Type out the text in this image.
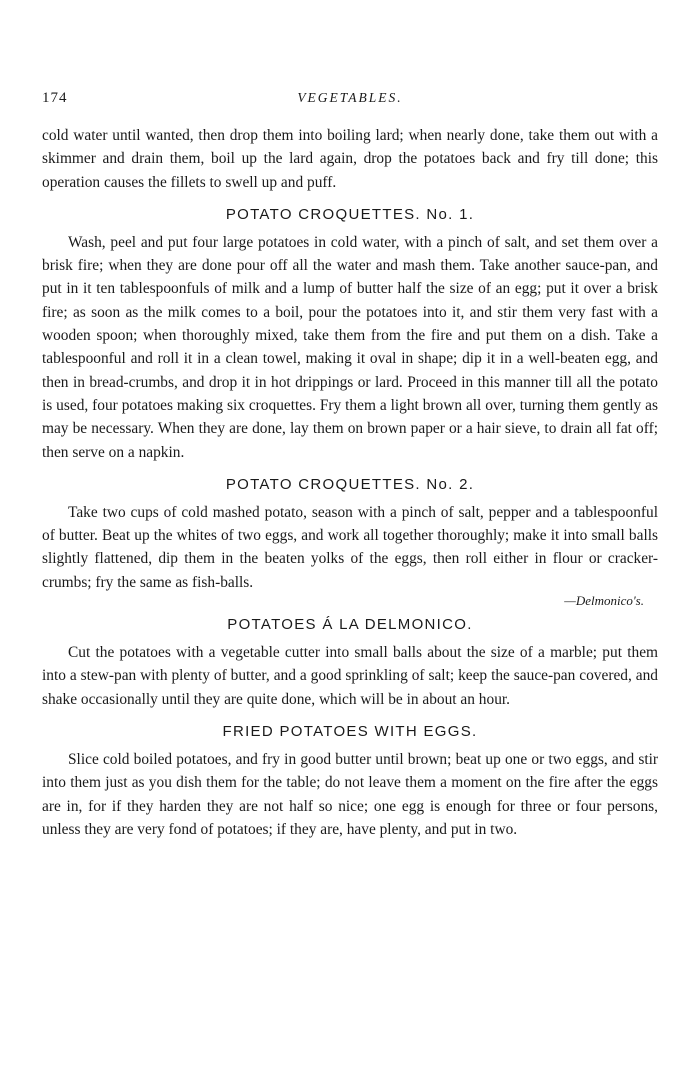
174	VEGETABLES.

cold water until wanted, then drop them into boiling lard; when nearly done, take them out with a skimmer and drain them, boil up the lard again, drop the potatoes back and fry till done; this operation causes the fillets to swell up and puff.

POTATO CROQUETTES. No. 1.

Wash, peel and put four large potatoes in cold water, with a pinch of salt, and set them over a brisk fire; when they are done pour off all the water and mash them. Take another sauce-pan, and put in it ten tablespoonfuls of milk and a lump of butter half the size of an egg; put it over a brisk fire; as soon as the milk comes to a boil, pour the potatoes into it, and stir them very fast with a wooden spoon; when thoroughly mixed, take them from the fire and put them on a dish. Take a tablespoonful and roll it in a clean towel, making it oval in shape; dip it in a well-beaten egg, and then in bread-crumbs, and drop it in hot drippings or lard. Proceed in this manner till all the potato is used, four potatoes making six croquettes. Fry them a light brown all over, turning them gently as may be necessary. When they are done, lay them on brown paper or a hair sieve, to drain all fat off; then serve on a napkin.

POTATO CROQUETTES. No. 2.

Take two cups of cold mashed potato, season with a pinch of salt, pepper and a tablespoonful of butter. Beat up the whites of two eggs, and work all together thoroughly; make it into small balls slightly flattened, dip them in the beaten yolks of the eggs, then roll either in flour or cracker-crumbs; fry the same as fish-balls.

—Delmonico's.
POTATOES Á LA DELMONICO.

Cut the potatoes with a vegetable cutter into small balls about the size of a marble; put them into a stew-pan with plenty of butter, and a good sprinkling of salt; keep the sauce-pan covered, and shake occasionally until they are quite done, which will be in about an hour.

FRIED POTATOES WITH EGGS.

Slice cold boiled potatoes, and fry in good butter until brown; beat up one or two eggs, and stir into them just as you dish them for the table; do not leave them a moment on the fire after the eggs are in, for if they harden they are not half so nice; one egg is enough for three or four persons, unless they are very fond of potatoes; if they are, have plenty, and put in two.
